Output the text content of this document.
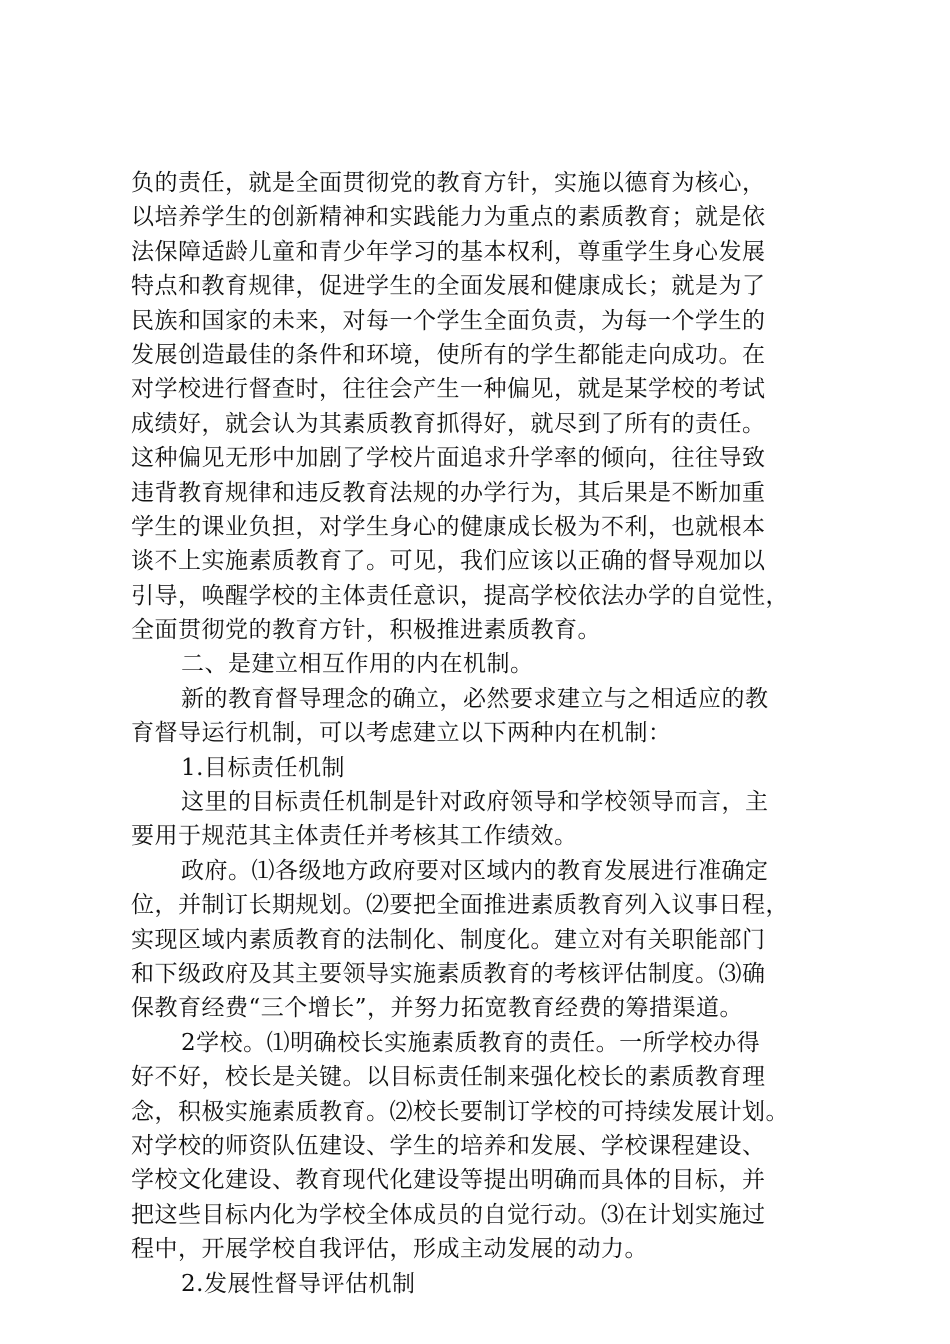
负的责任，就是全面贯彻党的教育方针，实施以德育为核心，
以培养学生的创新精神和实践能力为重点的素质教育；就是依
法保障适龄儿童和青少年学习的基本权利，尊重学生身心发展
特点和教育规律，促进学生的全面发展和健康成长；就是为了
民族和国家的未来，对每一个学生全面负责，为每一个学生的
发展创造最佳的条件和环境，使所有的学生都能走向成功。在
对学校进行督查时，往往会产生一种偏见，就是某学校的考试
成绩好，就会认为其素质教育抓得好，就尽到了所有的责任。
这种偏见无形中加剧了学校片面追求升学率的倾向，往往导致
违背教育规律和违反教育法规的办学行为，其后果是不断加重
学生的课业负担，对学生身心的健康成长极为不利，也就根本
谈不上实施素质教育了。可见，我们应该以正确的督导观加以
引导，唤醒学校的主体责任意识，提高学校依法办学的自觉性，
全面贯彻党的教育方针，积极推进素质教育。
二、是建立相互作用的内在机制。
新的教育督导理念的确立，必然要求建立与之相适应的教
育督导运行机制，可以考虑建立以下两种内在机制：
1.目标责任机制
这里的目标责任机制是针对政府领导和学校领导而言，主
要用于规范其主体责任并考核其工作绩效。
政府。⑴各级地方政府要对区域内的教育发展进行准确定
位，并制订长期规划。⑵要把全面推进素质教育列入议事日程，
实现区域内素质教育的法制化、制度化。建立对有关职能部门
和下级政府及其主要领导实施素质教育的考核评估制度。⑶确
保教育经费“三个增长”，并努力拓宽教育经费的筹措渠道。
2学校。⑴明确校长实施素质教育的责任。一所学校办得
好不好，校长是关键。以目标责任制来强化校长的素质教育理
念，积极实施素质教育。⑵校长要制订学校的可持续发展计划。
对学校的师资队伍建设、学生的培养和发展、学校课程建设、
学校文化建设、教育现代化建设等提出明确而具体的目标，并
把这些目标内化为学校全体成员的自觉行动。⑶在计划实施过
程中，开展学校自我评估，形成主动发展的动力。
2.发展性督导评估机制
